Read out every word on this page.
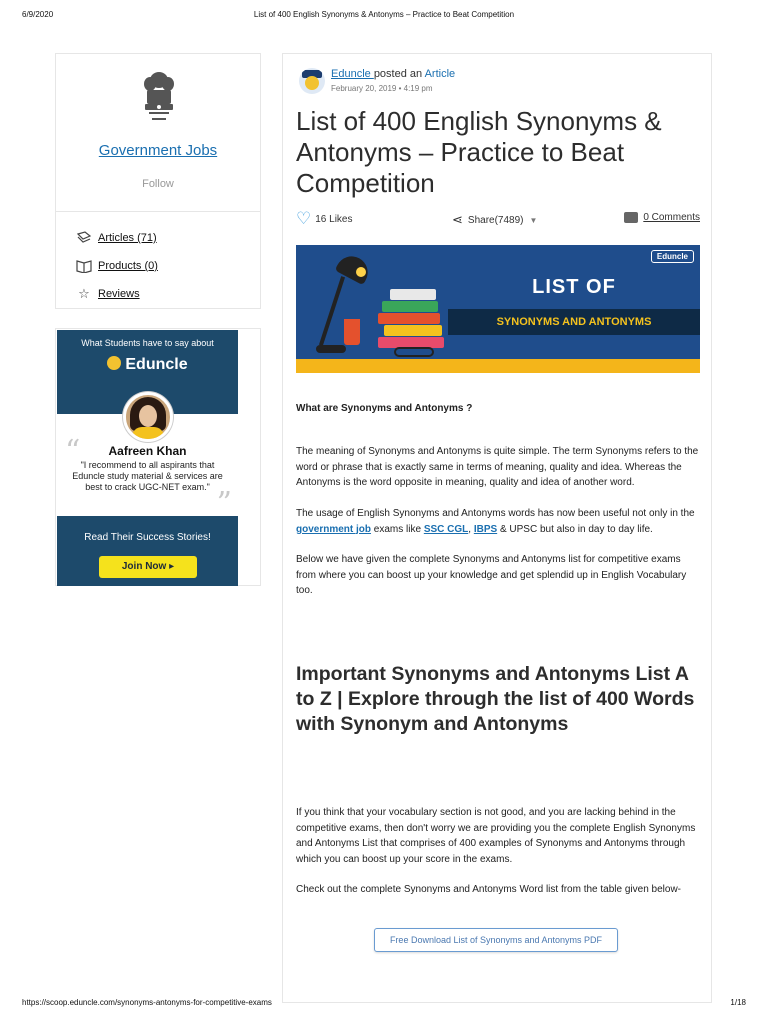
6/9/2020	List of 400 English Synonyms & Antonyms – Practice to Beat Competition
Government Jobs
Follow
Articles (71)
Products (0)
☆ Reviews
What Students have to say about
Eduncle
“	Aafreen Khan
"I recommend to all aspirants that Eduncle study material & services are best to crack UGC-NET exam." ”
Read Their Success Stories!
Join Now ▸
Eduncle posted an Article
February 20, 2019 • 4:19 pm
List of 400 English Synonyms & Antonyms – Practice to Beat Competition
♡ 16 Likes	⋖ Share(7489) ▼	0 Comments
Eduncle
LIST OF
SYNONYMS AND ANTONYMS
What are Synonyms and Antonyms ?

The meaning of Synonyms and Antonyms is quite simple. The term Synonyms refers to the word or phrase that is exactly same in terms of meaning, quality and idea. Whereas the Antonyms is the word opposite in meaning, quality and idea of another word.

The usage of English Synonyms and Antonyms words has now been useful not only in the government job exams like SSC CGL, IBPS & UPSC but also in day to day life.

Below we have given the complete Synonyms and Antonyms list for competitive exams from where you can boost up your knowledge and get splendid up in English Vocabulary too.

Important Synonyms and Antonyms List A to Z | Explore through the list of 400 Words with Synonym and Antonyms

If you think that your vocabulary section is not good, and you are lacking behind in the competitive exams, then don't worry we are providing you the complete English Synonyms and Antonyms List that comprises of 400 examples of Synonyms and Antonyms through which you can boost up your score in the exams.

Check out the complete Synonyms and Antonyms Word list from the table given below-

Free Download List of Synonyms and Antonyms PDF
https://scoop.eduncle.com/synonyms-antonyms-for-competitive-exams	1/18
